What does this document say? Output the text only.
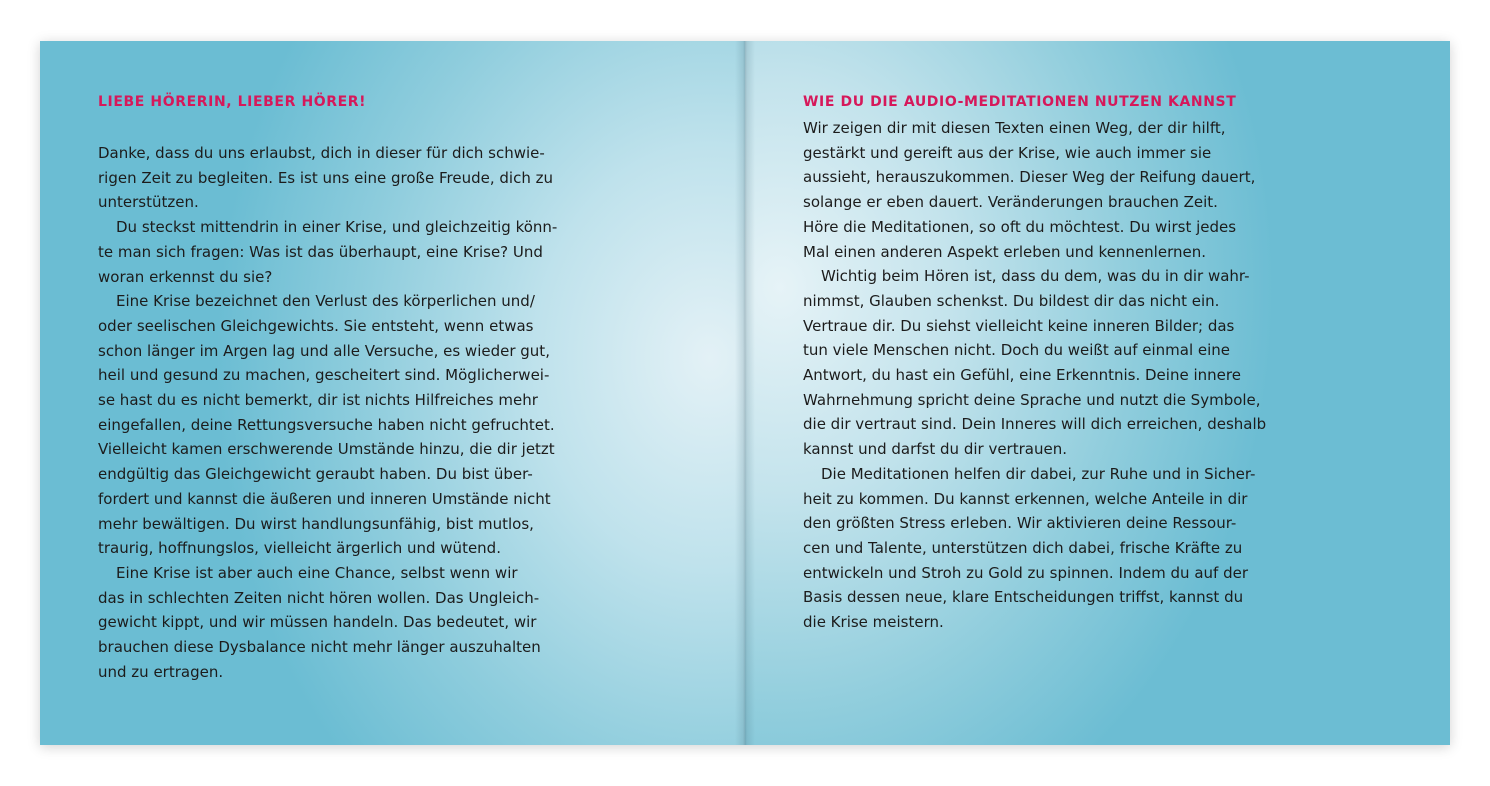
LIEBE HÖRERIN, LIEBER HÖRER!
Danke, dass du uns erlaubst, dich in dieser für dich schwie-
rigen Zeit zu begleiten. Es ist uns eine große Freude, dich zu
unterstützen.
Du steckst mittendrin in einer Krise, und gleichzeitig könn-
te man sich fragen: Was ist das überhaupt, eine Krise? Und
woran erkennst du sie?
Eine Krise bezeichnet den Verlust des körperlichen und/
oder seelischen Gleichgewichts. Sie entsteht, wenn etwas
schon länger im Argen lag und alle Versuche, es wieder gut,
heil und gesund zu machen, gescheitert sind. Möglicherwei-
se hast du es nicht bemerkt, dir ist nichts Hilfreiches mehr
eingefallen, deine Rettungsversuche haben nicht gefruchtet.
Vielleicht kamen erschwerende Umstände hinzu, die dir jetzt
endgültig das Gleichgewicht geraubt haben. Du bist über-
fordert und kannst die äußeren und inneren Umstände nicht
mehr bewältigen. Du wirst handlungsunfähig, bist mutlos,
traurig, hoffnungslos, vielleicht ärgerlich und wütend.
Eine Krise ist aber auch eine Chance, selbst wenn wir
das in schlechten Zeiten nicht hören wollen. Das Ungleich-
gewicht kippt, und wir müssen handeln. Das bedeutet, wir
brauchen diese Dysbalance nicht mehr länger auszuhalten
und zu ertragen.
WIE DU DIE AUDIO-MEDITATIONEN NUTZEN KANNST
Wir zeigen dir mit diesen Texten einen Weg, der dir hilft,
gestärkt und gereift aus der Krise, wie auch immer sie
aussieht, herauszukommen. Dieser Weg der Reifung dauert,
solange er eben dauert. Veränderungen brauchen Zeit.
Höre die Meditationen, so oft du möchtest. Du wirst jedes
Mal einen anderen Aspekt erleben und kennenlernen.
Wichtig beim Hören ist, dass du dem, was du in dir wahr-
nimmst, Glauben schenkst. Du bildest dir das nicht ein.
Vertraue dir. Du siehst vielleicht keine inneren Bilder; das
tun viele Menschen nicht. Doch du weißt auf einmal eine
Antwort, du hast ein Gefühl, eine Erkenntnis. Deine innere
Wahrnehmung spricht deine Sprache und nutzt die Symbole,
die dir vertraut sind. Dein Inneres will dich erreichen, deshalb
kannst und darfst du dir vertrauen.
Die Meditationen helfen dir dabei, zur Ruhe und in Sicher-
heit zu kommen. Du kannst erkennen, welche Anteile in dir
den größten Stress erleben. Wir aktivieren deine Ressour-
cen und Talente, unterstützen dich dabei, frische Kräfte zu
entwickeln und Stroh zu Gold zu spinnen. Indem du auf der
Basis dessen neue, klare Entscheidungen triffst, kannst du
die Krise meistern.
